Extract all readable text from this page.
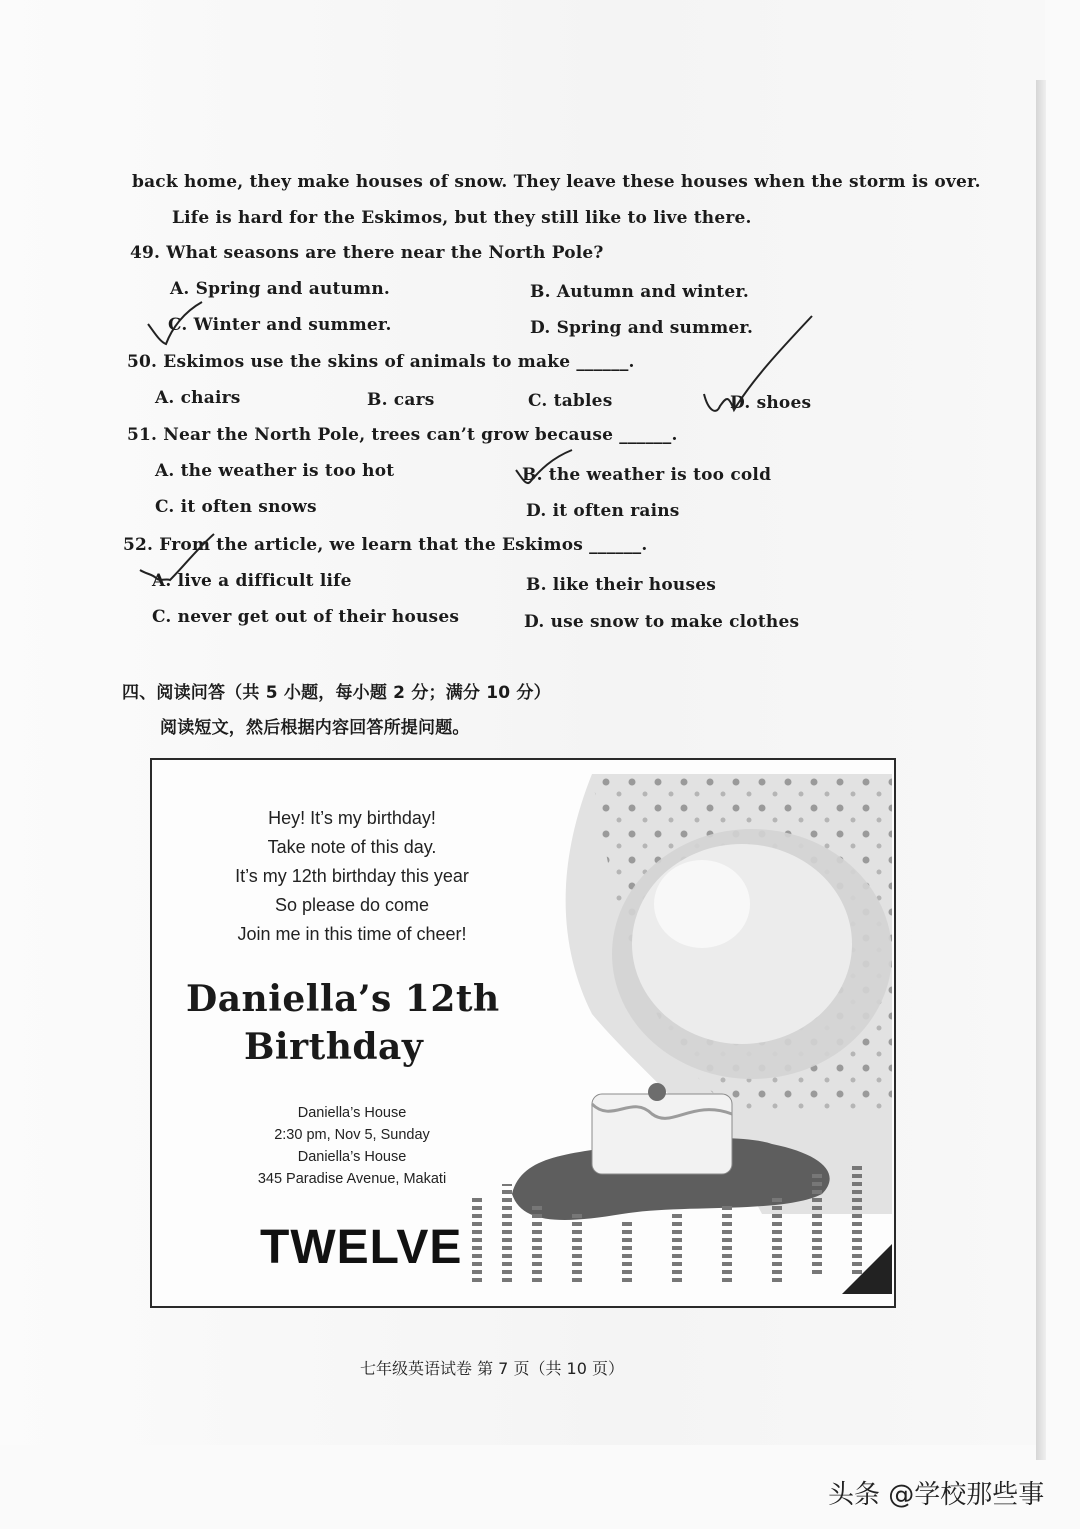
back home, they make houses of snow. They leave these houses when the storm is over.
Life is hard for the Eskimos, but they still like to live there.
49. What seasons are there near the North Pole?
A. Spring and autumn.	B. Autumn and winter.
C. Winter and summer.	D. Spring and summer.
50. Eskimos use the skins of animals to make ______.
A. chairs	B. cars	C. tables	D. shoes
51. Near the North Pole, trees can’t grow because ______.
A. the weather is too hot	B. the weather is too cold
C. it often snows	D. it often rains
52. From the article, we learn that the Eskimos ______.
A. live a difficult life	B. like their houses
C. never get out of their houses	D. use snow to make clothes
四、阅读问答（共 5 小题，每小题 2 分；满分 10 分）
阅读短文，然后根据内容回答所提问题。
Hey! It’s my birthday!
Take note of this day.
It’s my 12th birthday this year
So please do come
Join me in this time of cheer!
Daniella’s 12th
Birthday
Daniella’s House
2:30 pm, Nov 5, Sunday
Daniella’s House
345 Paradise Avenue, Makati
TWELVE
七年级英语试卷 第 7 页（共 10 页）
头条 @学校那些事
